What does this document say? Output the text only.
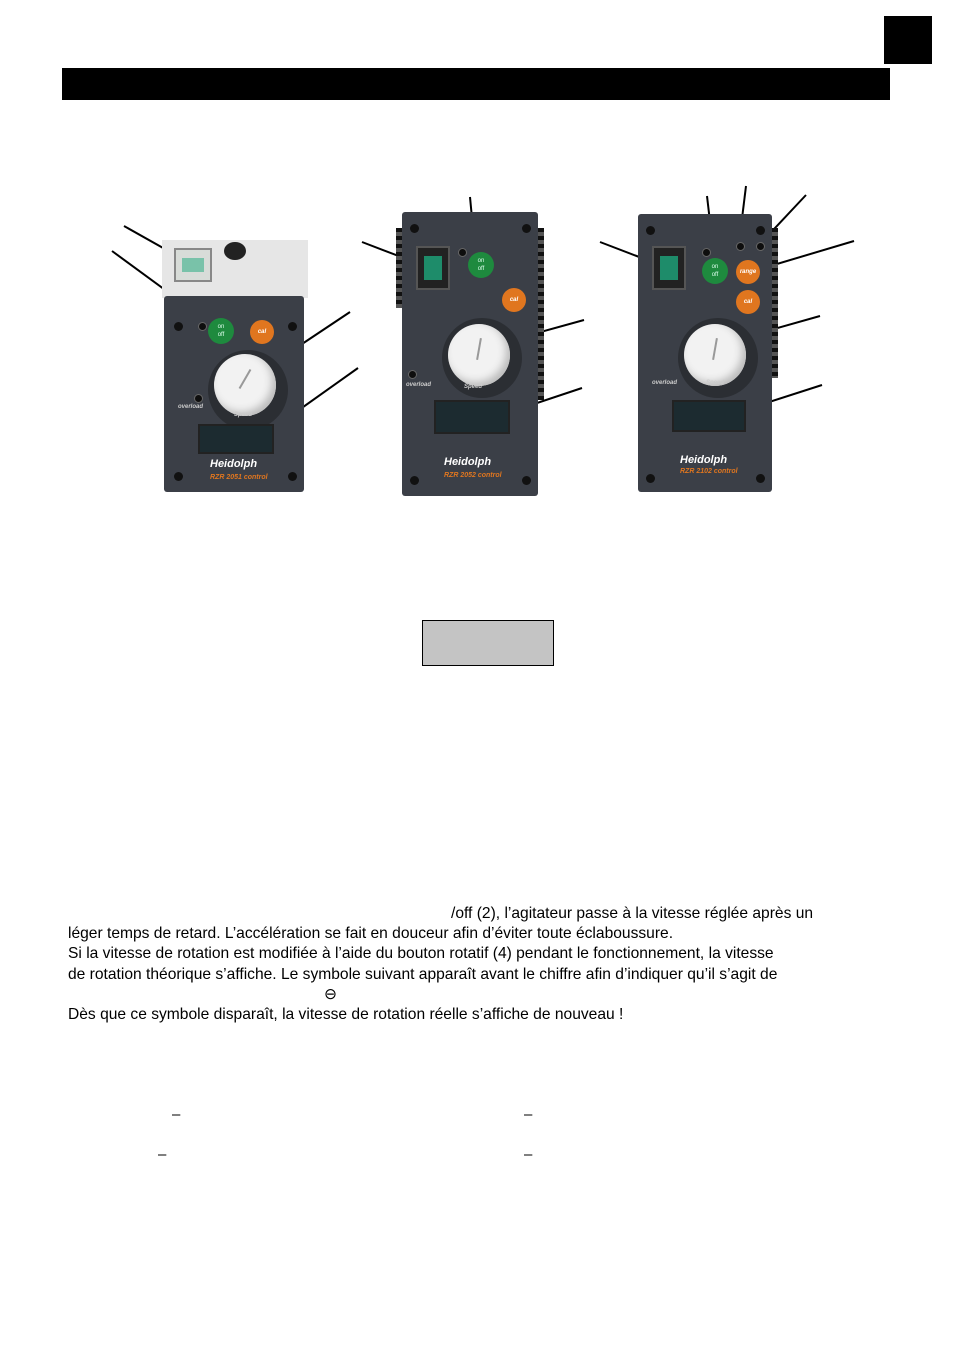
on
off	cal
overload
Speed
Heidolph
RZR 2051 control
on
off
cal
overload	Speed
Heidolph
RZR 2052 control
on
off	range
cal
overload	Speed
Heidolph
RZR 2102 control
/off (2), l’agitateur passe à la vitesse réglée après un
léger temps de retard. L’accélération se fait en douceur afin d’éviter toute éclaboussure.
Si la vitesse de rotation est modifiée à l’aide du bouton rotatif (4) pendant le fonctionnement, la vitesse
de rotation théorique s’affiche. Le symbole suivant apparaît avant le chiffre afin d’indiquer qu’il s’agit de
⊖
Dès que ce symbole disparaît, la vitesse de rotation réelle s’affiche de nouveau !
–	–
–	–
